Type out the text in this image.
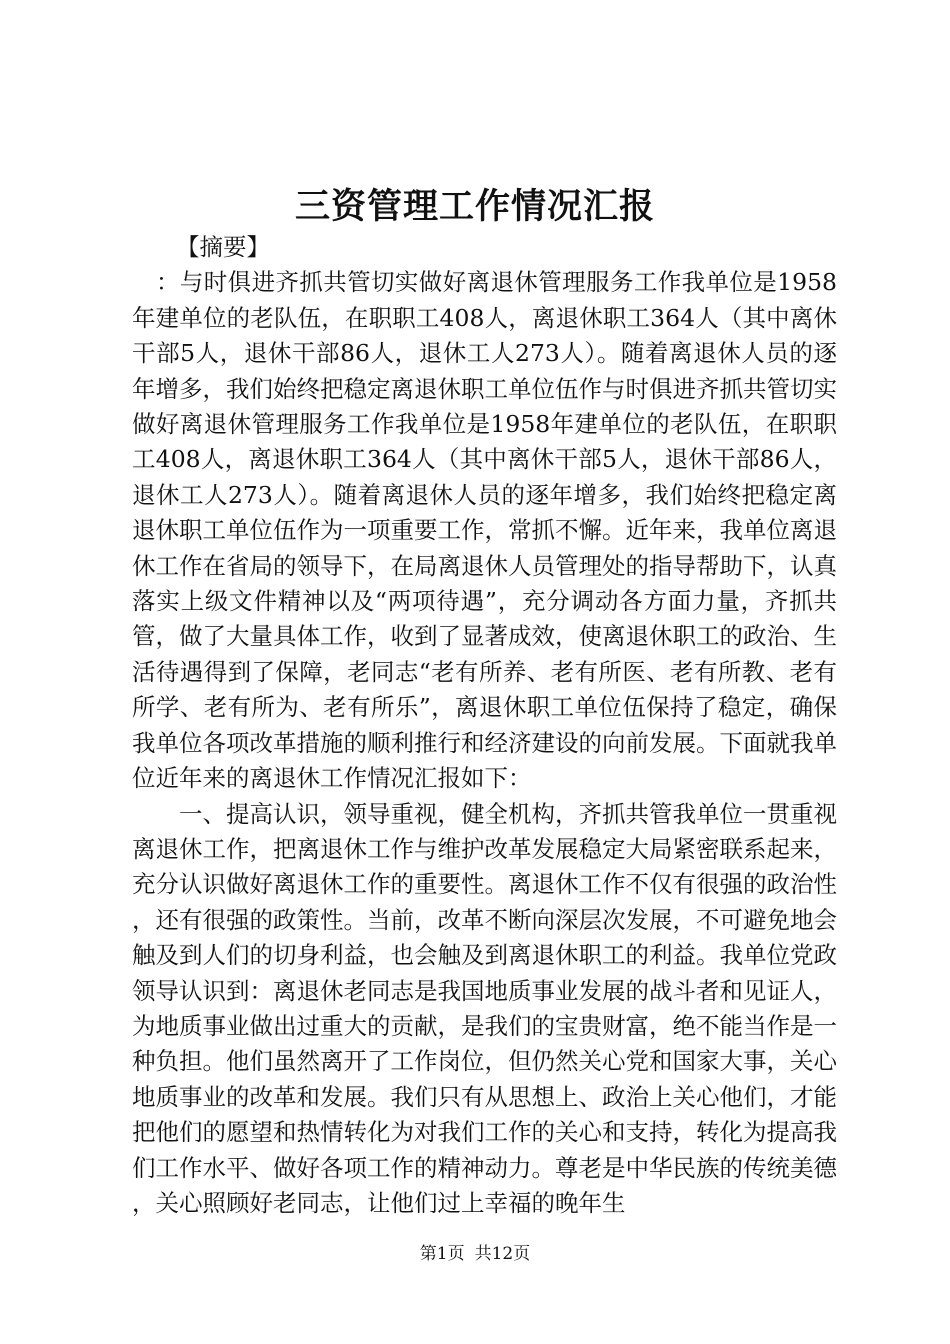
三资管理工作情况汇报

【摘要】

：与时俱进齐抓共管切实做好离退休管理服务工作我单位是1958年建单位的老队伍，在职职工408人，离退休职工364人（其中离休干部5人，退休干部86人，退休工人273人）。随着离退休人员的逐年增多，我们始终把稳定离退休职工单位伍作与时俱进齐抓共管切实做好离退休管理服务工作我单位是1958年建单位的老队伍，在职职工408人，离退休职工364人（其中离休干部5人，退休干部86人，退休工人273人）。随着离退休人员的逐年增多，我们始终把稳定离退休职工单位伍作为一项重要工作，常抓不懈。近年来，我单位离退休工作在省局的领导下，在局离退休人员管理处的指导帮助下，认真落实上级文件精神以及“两项待遇”，充分调动各方面力量，齐抓共管，做了大量具体工作，收到了显著成效，使离退休职工的政治、生活待遇得到了保障，老同志“老有所养、老有所医、老有所教、老有所学、老有所为、老有所乐”，离退休职工单位伍保持了稳定，确保我单位各项改革措施的顺利推行和经济建设的向前发展。下面就我单位近年来的离退休工作情况汇报如下：

一、提高认识，领导重视，健全机构，齐抓共管我单位一贯重视离退休工作，把离退休工作与维护改革发展稳定大局紧密联系起来，充分认识做好离退休工作的重要性。离退休工作不仅有很强的政治性，还有很强的政策性。当前，改革不断向深层次发展，不可避免地会触及到人们的切身利益，也会触及到离退休职工的利益。我单位党政领导认识到：离退休老同志是我国地质事业发展的战斗者和见证人，为地质事业做出过重大的贡献，是我们的宝贵财富，绝不能当作是一种负担。他们虽然离开了工作岗位，但仍然关心党和国家大事，关心地质事业的改革和发展。我们只有从思想上、政治上关心他们，才能把他们的愿望和热情转化为对我们工作的关心和支持，转化为提高我们工作水平、做好各项工作的精神动力。尊老是中华民族的传统美德，关心照顾好老同志，让他们过上幸福的晚年生

第1页 共12页
